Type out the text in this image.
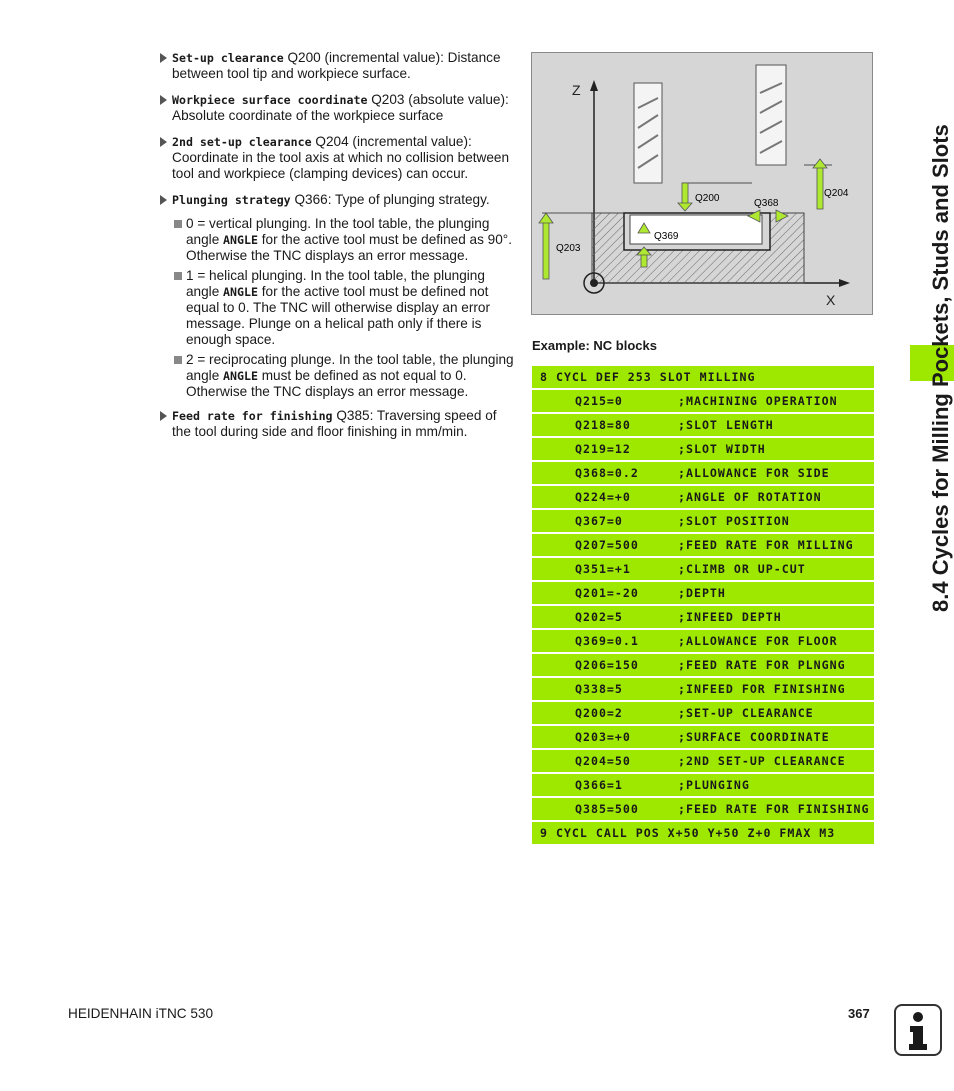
Set-up clearance Q200 (incremental value): Distance between tool tip and workpiece surface.
Workpiece surface coordinate Q203 (absolute value): Absolute coordinate of the workpiece surface
2nd set-up clearance Q204 (incremental value): Coordinate in the tool axis at which no collision between tool and workpiece (clamping devices) can occur.
Plunging strategy Q366: Type of plunging strategy.
0 = vertical plunging. In the tool table, the plunging angle ANGLE for the active tool must be defined as 90°. Otherwise the TNC displays an error message.
1 = helical plunging. In the tool table, the plunging angle ANGLE for the active tool must be defined not equal to 0. The TNC will otherwise display an error message. Plunge on a helical path only if there is enough space.
2 = reciprocating plunge. In the tool table, the plunging angle ANGLE must be defined as not equal to 0. Otherwise the TNC displays an error message.
Feed rate for finishing Q385: Traversing speed of the tool during side and floor finishing in mm/min.
Z
X
Q200	Q368
Q204
Q369
Q203
Example: NC blocks
8 CYCL DEF 253 SLOT MILLING
Q215=0	;MACHINING OPERATION
Q218=80	;SLOT LENGTH
Q219=12	;SLOT WIDTH
Q368=0.2	;ALLOWANCE FOR SIDE
Q224=+0	;ANGLE OF ROTATION
Q367=0	;SLOT POSITION
Q207=500	;FEED RATE FOR MILLING
Q351=+1	;CLIMB OR UP-CUT
Q201=-20	;DEPTH
Q202=5	;INFEED DEPTH
Q369=0.1	;ALLOWANCE FOR FLOOR
Q206=150	;FEED RATE FOR PLNGNG
Q338=5	;INFEED FOR FINISHING
Q200=2	;SET-UP CLEARANCE
Q203=+0	;SURFACE COORDINATE
Q204=50	;2ND SET-UP CLEARANCE
Q366=1	;PLUNGING
Q385=500	;FEED RATE FOR FINISHING
9 CYCL CALL POS X+50 Y+50 Z+0 FMAX M3
8.4 Cycles for Milling Pockets, Studs and Slots
HEIDENHAIN iTNC 530	367
